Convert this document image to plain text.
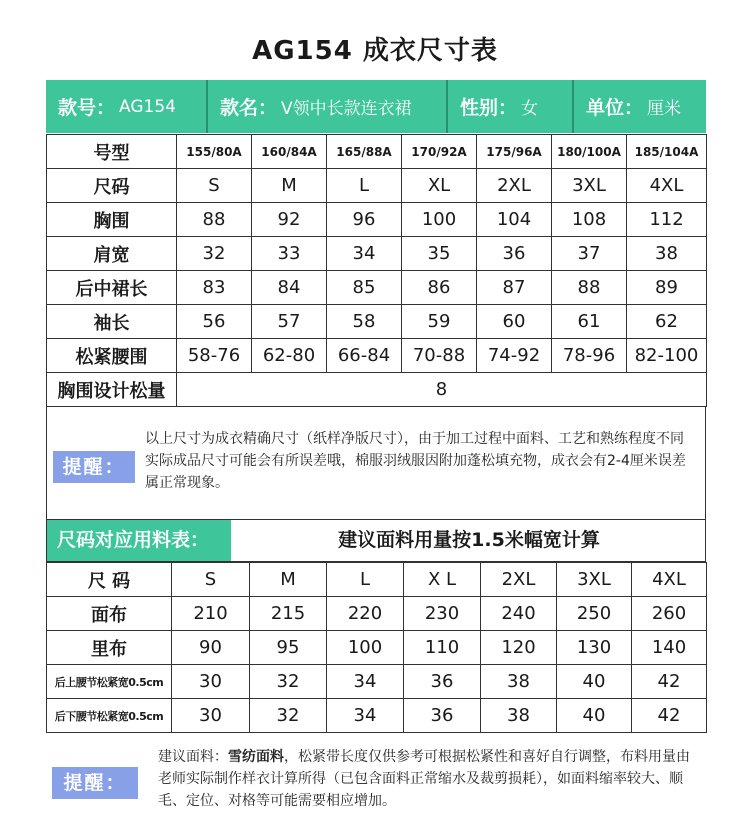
AG154 成衣尺寸表
款号： AG154 款名： V领中长款连衣裙	性别： 女	单位： 厘米
号型	155/80A	160/84A	165/88A	170/92A	175/96A	180/100A	185/104A
尺码	S	M	L	XL	2XL	3XL	4XL
胸围	88	92	96	100	104	108	112
肩宽	32	33	34	35	36	37	38
后中裙长	83	84	85	86	87	88	89
袖长	56	57	58	59	60	61	62
松紧腰围	58-76	62-80	66-84	70-88	74-92	78-96	82-100
胸围设计松量	8						
提醒：
以上尺寸为成衣精确尺寸（纸样净版尺寸），由于加工过程中面料、工艺和熟练程度不同实际成品尺寸可能会有所误差哦，棉服羽绒服因附加蓬松填充物，成衣会有2-4厘米误差属正常现象。
尺码对应用料表：	建议面料用量按1.5米幅宽计算
尺 码	S	M	L	X L	2XL	3XL	4XL
面布	210	215	220	230	240	250	260
里布	90	95	100	110	120	130	140
后上腰节松紧宽0.5cm	30	32	34	36	38	40	42
后下腰节松紧宽0.5cm	30	32	34	36	38	40	42
提醒：
建议面料：雪纺面料，松紧带长度仅供参考可根据松紧性和喜好自行调整，布料用量由老师实际制作样衣计算所得（已包含面料正常缩水及裁剪损耗），如面料缩率较大、顺毛、定位、对格等可能需要相应增加。
